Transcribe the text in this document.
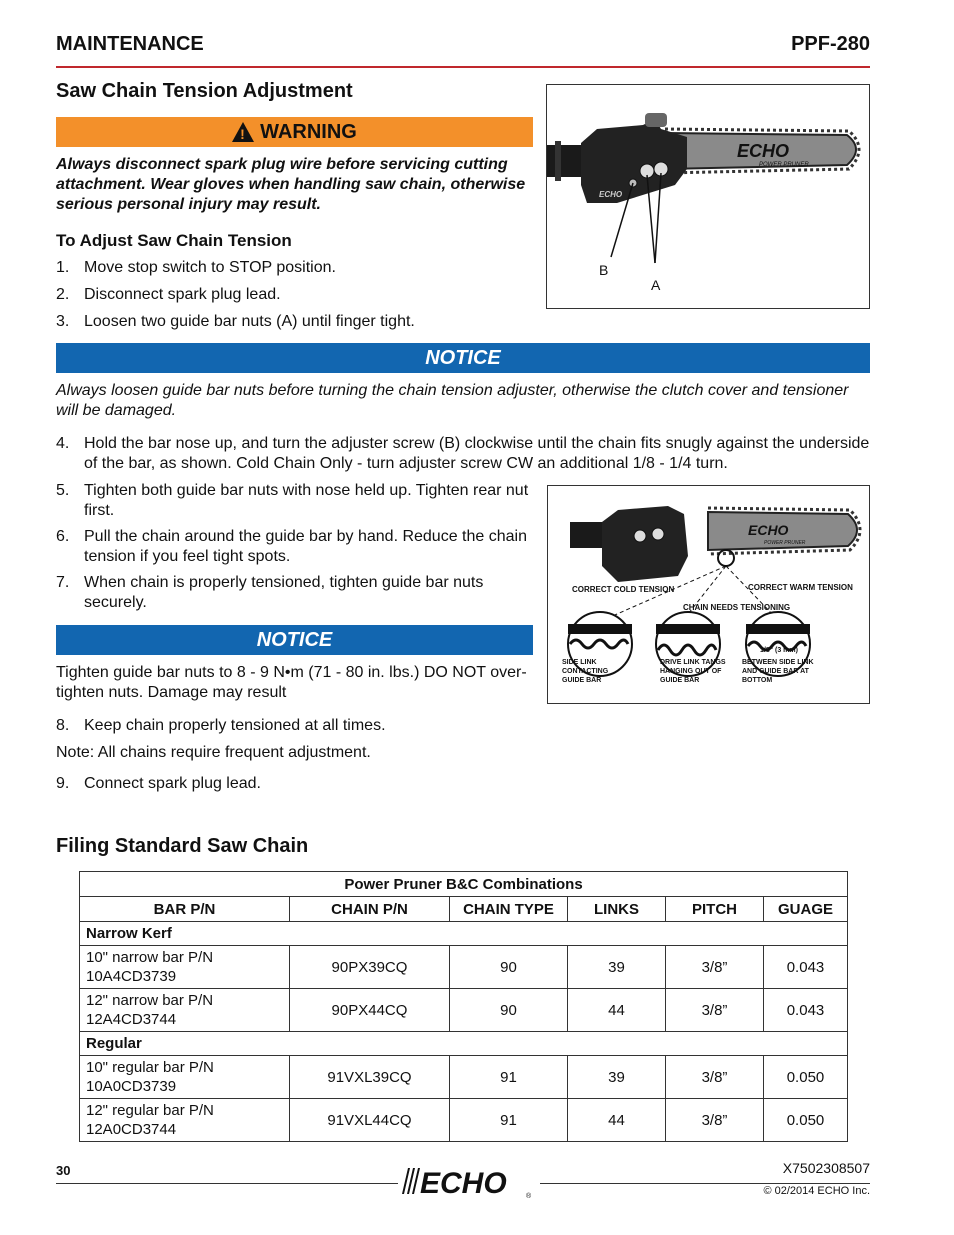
MAINTENANCE	PPF-280
Saw Chain Tension Adjustment
! WARNING
Always disconnect spark plug wire before servicing cutting attachment. Wear gloves when handling saw chain, otherwise serious personal injury may result.
To Adjust Saw Chain Tension
1. Move stop switch to STOP position.
2. Disconnect spark plug lead.
3. Loosen two guide bar nuts (A) until finger tight.
ECHO
POWER PRUNER
ECHO
B
A
NOTICE
Always loosen guide bar nuts before turning the chain tension adjuster, otherwise the clutch cover and tensioner will be damaged.
4. Hold the bar nose up, and turn the adjuster screw (B) clockwise until the chain fits snugly against the underside of the bar, as shown. Cold Chain Only - turn adjuster screw CW an additional 1/8 - 1/4 turn.
5. Tighten both guide bar nuts with nose held up. Tighten rear nut first.
6. Pull the chain around the guide bar by hand. Reduce the chain tension if you feel tight spots.
7. When chain is properly tensioned, tighten guide bar nuts securely.
ECHO
POWER PRUNER
CORRECT COLD TENSION
CHAIN NEEDS TENSIONING
CORRECT WARM TENSION
1/8" (3 mm)
SIDE LINK CONTACTING GUIDE BAR
DRIVE LINK TANGS HANGING OUT OF GUIDE BAR
BETWEEN SIDE LINK AND GUIDE BAR AT BOTTOM
NOTICE
Tighten guide bar nuts to 8 - 9 N•m (71 - 80 in. lbs.) DO NOT over-tighten nuts. Damage may result
8. Keep chain properly tensioned at all times.
Note: All chains require frequent adjustment.
9. Connect spark plug lead.
Filing Standard Saw Chain
Power Pruner B&C Combinations					
BAR P/N	CHAIN P/N	CHAIN TYPE	LINKS	PITCH	GUAGE
Narrow Kerf					
10" narrow bar P/N
10A4CD3739	90PX39CQ	90	39	3/8”	0.043
12" narrow bar P/N
12A4CD3744	90PX44CQ	90	44	3/8”	0.043
Regular					
10" regular bar P/N
10A0CD3739	91VXL39CQ	91	39	3/8”	0.050
12" regular bar P/N
12A0CD3744	91VXL44CQ	91	44	3/8”	0.050
30	ECHO	®
X7502308507
© 02/2014 ECHO Inc.
